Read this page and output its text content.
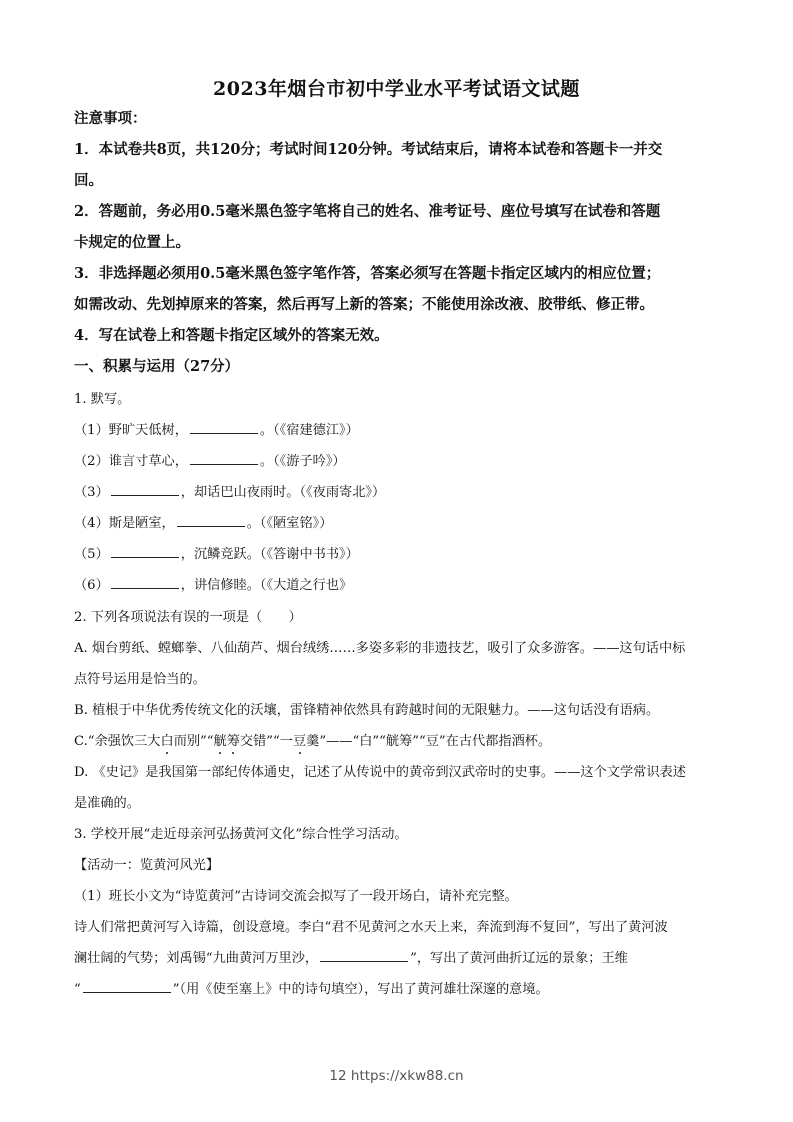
2023年烟台市初中学业水平考试语文试题
注意事项：
1．本试卷共8页，共120分；考试时间120分钟。考试结束后，请将本试卷和答题卡一并交
回。
2．答题前，务必用0.5毫米黑色签字笔将自己的姓名、准考证号、座位号填写在试卷和答题
卡规定的位置上。
3．非选择题必须用0.5毫米黑色签字笔作答，答案必须写在答题卡指定区域内的相应位置；
如需改动、先划掉原来的答案，然后再写上新的答案；不能使用涂改液、胶带纸、修正带。
4．写在试卷上和答题卡指定区域外的答案无效。
一、积累与运用（27分）
1. 默写。
（1）野旷天低树，	。（《宿建德江》）
（2）谁言寸草心，	。（《游子吟》）
（3）	，却话巴山夜雨时。（《夜雨寄北》）
（4）斯是陋室，	。（《陋室铭》）
（5）	，沉鳞竞跃。（《答谢中书书》）
（6）	，讲信修睦。（《大道之行也》
2. 下列各项说法有误的一项是（　　）
A. 烟台剪纸、螳螂拳、八仙葫芦、烟台绒绣……多姿多彩的非遗技艺，吸引了众多游客。——这句话中标
点符号运用是恰当的。
B. 植根于中华优秀传统文化的沃壤，雷锋精神依然具有跨越时间的无限魅力。——这句话没有语病。
C.“余强饮三大白而别”“觥筹交错”“一豆羹”——“白”“觥筹”“豆”在古代都指酒杯。
D. 《史记》是我国第一部纪传体通史，记述了从传说中的黄帝到汉武帝时的史事。——这个文学常识表述
是准确的。
3. 学校开展“走近母亲河弘扬黄河文化”综合性学习活动。
【活动一：览黄河风光】
（1）班长小文为“诗览黄河”古诗词交流会拟写了一段开场白，请补充完整。
诗人们常把黄河写入诗篇，创设意境。李白“君不见黄河之水天上来，奔流到海不复回”，写出了黄河波
澜壮阔的气势；刘禹锡“九曲黄河万里沙，	”，写出了黄河曲折辽远的景象；王维
“	”（用《使至塞上》中的诗句填空），写出了黄河雄壮深邃的意境。
12 https://xkw88.cn
